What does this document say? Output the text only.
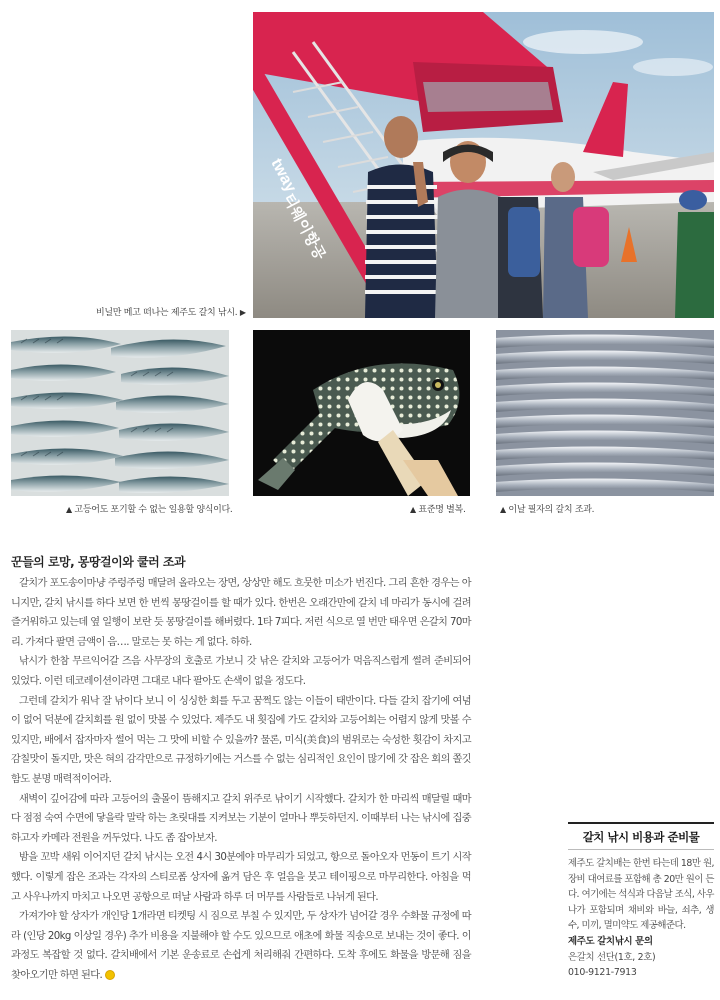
tway
티웨이항공
비닐만 메고 떠나는 제주도 갈치 낚시. ▶
▲ 고등어도 포기할 수 없는 일용할 양식이다.	▲ 표준명 별복.	▲ 이날 필자의 갈치 조과.
꾼들의 로망, 몽땅걸이와 쿨러 조과

갈치가 포도송이마냥 주렁주렁 매달려 올라오는 장면, 상상만 해도 흐뭇한 미소가 번진다. 그리 흔한 경우는 아니지만, 갈치 낚시를 하다 보면 한 번씩 몽땅걸이를 할 때가 있다. 한번은 오래간만에 갈치 네 마리가 동시에 걸려 즐거워하고 있는데 옆 일행이 보란 듯 몽땅걸이를 해버렸다. 1타 7피다. 저런 식으로 열 번만 태우면 은갈치 70마리. 가져다 팔면 금액이 음…. 말로는 못 하는 게 없다. 하하.

낚시가 한참 무르익어갈 즈음 사무장의 호출로 가보니 갓 낚은 갈치와 고등어가 먹음직스럽게 썰려 준비되어 있었다. 이런 데코레이션이라면 그대로 내다 팔아도 손색이 없을 정도다.

그런데 갈치가 워낙 잘 낚이다 보니 이 싱싱한 회를 두고 꿈쩍도 않는 이들이 태반이다. 다들 갈치 잡기에 여념이 없어 덕분에 갈치회를 원 없이 맛볼 수 있었다. 제주도 내 횟집에 가도 갈치와 고등어회는 어렵지 않게 맛볼 수 있지만, 배에서 잡자마자 썰어 먹는 그 맛에 비할 수 있을까? 물론, 미식(美食)의 범위로는 숙성한 횟감이 차지고 감칠맛이 돌지만, 맛은 혀의 감각만으로 규정하기에는 거스를 수 없는 심리적인 요인이 많기에 갓 잡은 회의 쫄깃함도 분명 매력적이어라.

새벽이 깊어감에 따라 고등어의 출몰이 뜸해지고 갈치 위주로 낚이기 시작했다. 갈치가 한 마리씩 매달릴 때마다 점점 숙여 수면에 닿을락 말락 하는 초릿대를 지켜보는 기분이 얼마나 뿌듯하던지. 이때부터 나는 낚시에 집중하고자 카메라 전원을 꺼두었다. 나도 좀 잡아보자.

밤을 꼬박 새워 이어지던 갈치 낚시는 오전 4시 30분에야 마무리가 되었고, 항으로 돌아오자 먼동이 트기 시작했다. 이렇게 잡은 조과는 각자의 스티로폼 상자에 옮겨 담은 후 얼음을 붓고 테이핑으로 마무리한다. 아침을 먹고 사우나까지 마치고 나오면 공항으로 떠날 사람과 하루 더 머무를 사람들로 나뉘게 된다.

가져가야 할 상자가 개인당 1개라면 티켓팅 시 짐으로 부칠 수 있지만, 두 상자가 넘어갈 경우 수화물 규정에 따라 (인당 20kg 이상일 경우) 추가 비용을 지불해야 할 수도 있으므로 애초에 화물 직송으로 보내는 것이 좋다. 이 과정도 복잡할 것 없다. 갈치배에서 기본 운송료로 손쉽게 처리해줘 간편하다. 도착 후에도 화물을 방문해 짐을 찾아오기만 하면 된다.

갈치 낚시 비용과 준비물
제주도 갈치배는 한번 타는데 18만 원, 장비 대여료를 포함해 총 20만 원이 든다. 여기에는 석식과 다음날 조식, 사우나가 포함되며 채비와 바늘, 쇠추, 생수, 미끼, 멸미약도 제공해준다.
제주도 갈치낚시 문의
은갈치 선단(1호, 2호)
010-9121-7913
